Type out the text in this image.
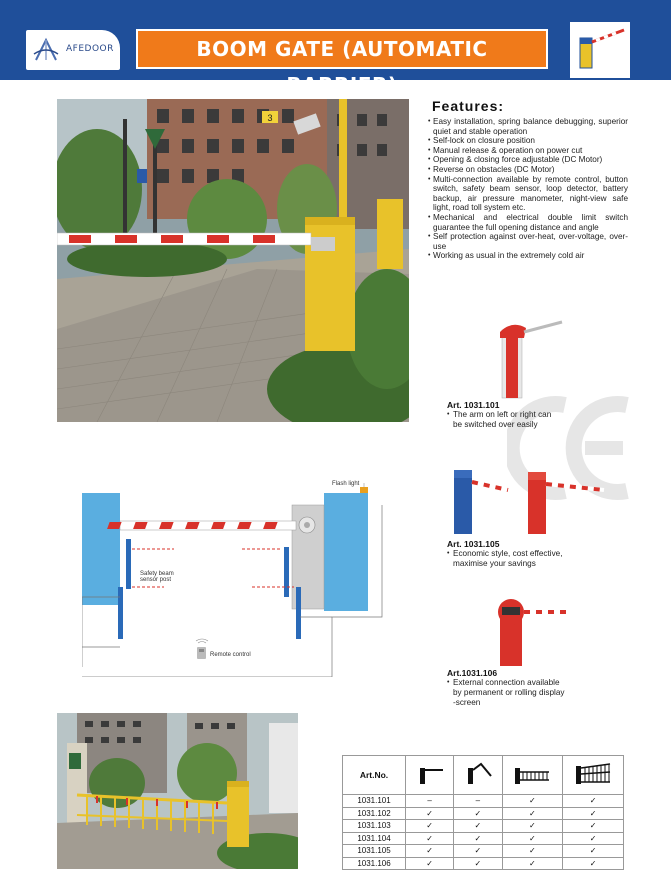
AFEDOOR	BOOM GATE (AUTOMATIC BARRIER)
3
Features:
• Easy installation, spring balance debugging, superior quiet and stable operation
• Self-lock on closure position
• Manual release & operation on power cut
• Opening & closing force adjustable (DC Motor)
• Reverse on obstacles (DC Motor)
• Multi-connection available by remote control, button switch, safety beam sensor, loop detector, battery backup, air pressure manometer, night-view safe light, road toll system etc.
• Mechanical and electrical double limit switch guarantee the full opening distance and angle
• Self protection against over-heat, over-voltage, over-use
• Working as usual in the extremely cold air
Art. 1031.101
• The arm on left or right can
be switched over easily
Art. 1031.105
• Economic style, cost effective,
maximise your savings
Art.1031.106
• External connection available
by permanent or rolling display
-screen
Flash light
Safety beam
sensor post
Remote control
Art.No.				
1031.101	–	–	✓	✓
1031.102	✓	✓	✓	✓
1031.103	✓	✓	✓	✓
1031.104	✓	✓	✓	✓
1031.105	✓	✓	✓	✓
1031.106	✓	✓	✓	✓
